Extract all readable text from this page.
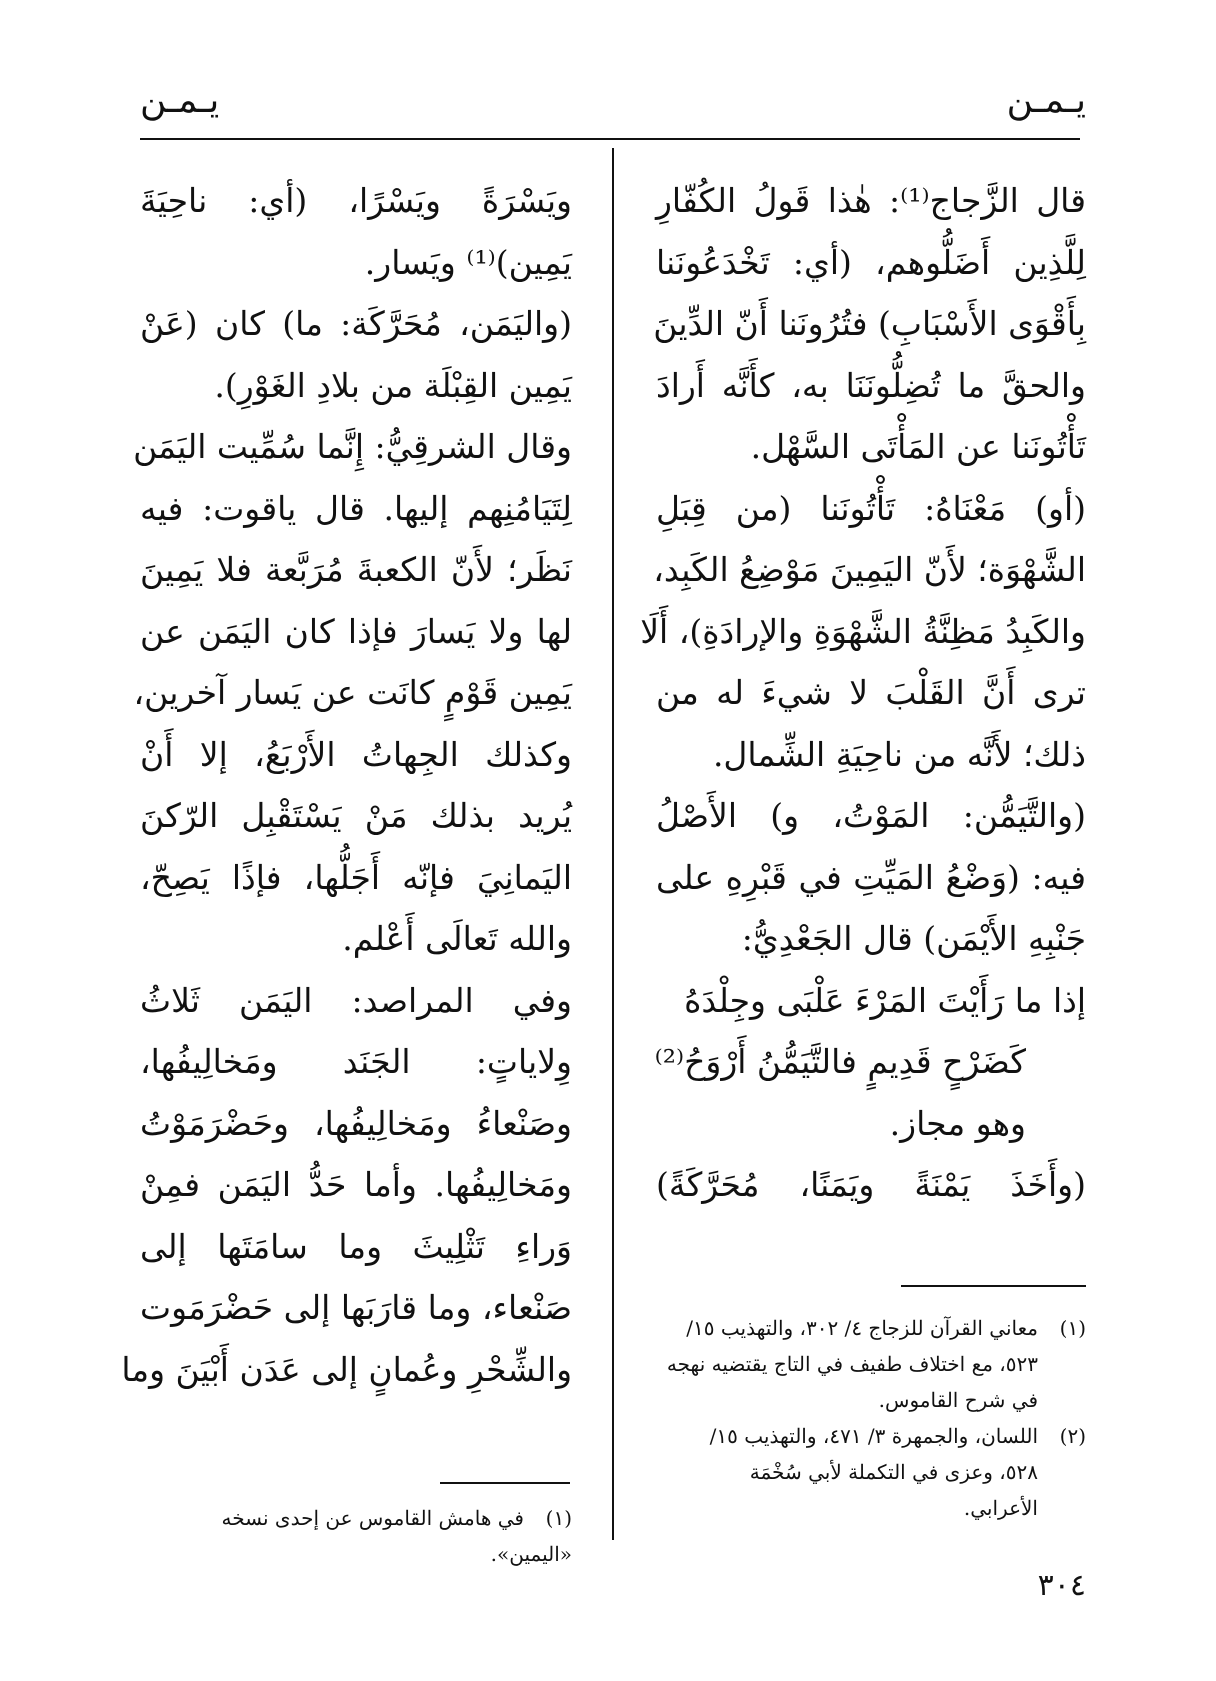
يـمـن
يـمـن
قال الزَّجاج⁽¹⁾: هٰذا قَولُ الكُفّارِ
لِلَّذِين أَضَلُّوهم، (أي: تَخْدَعُونَنا
بِأَقْوَى الأَسْبَابِ) فتُرُونَنا أَنّ الدِّينَ
والحقَّ ما تُضِلُّونَنَا به، كأَنَّه أَرادَ
تَأْتُونَنا عن المَأْتَى السَّهْل.
(أو) مَعْنَاهُ: تَأْتُونَنا (من قِبَلِ
الشَّهْوَة؛ لأَنّ اليَمِينَ مَوْضِعُ الكَبِد،
والكَبِدُ مَظِنَّةُ الشَّهْوَةِ والإرادَةِ)، أَلَا
ترى أَنَّ القَلْبَ لا شيءَ له من
ذلك؛ لأَنَّه من ناحِيَةِ الشِّمال.
(والتَّيَمُّن: المَوْتُ، و) الأَصْلُ
فيه: (وَضْعُ المَيِّتِ في قَبْرِهِ على
جَنْبِهِ الأَيْمَن) قال الجَعْدِيُّ:
إذا ما رَأَيْتَ المَرْءَ عَلْبَى وجِلْدَهُ
كَضَرْحٍ قَدِيمٍ فالتَّيَمُّنُ أَرْوَحُ⁽²⁾
وهو مجاز.
(وأَخَذَ يَمْنَةً ويَمَنًا، مُحَرَّكَةً)
(١)معاني القرآن للزجاج ٤/ ٣٠٢، والتهذيب ١٥/
٥٢٣، مع اختلاف طفيف في التاج يقتضيه نهجه
في شرح القاموس.
(٢)اللسان، والجمهرة ٣/ ٤٧١، والتهذيب ١٥/
٥٢٨، وعزى في التكملة لأبي سُخْمَة
الأعرابي.
ويَسْرَةً ويَسْرًا، (أي: ناحِيَةَ
يَمِين)⁽¹⁾ ويَسار.
(واليَمَن، مُحَرَّكَة: ما) كان (عَنْ
يَمِين القِبْلَة من بلادِ الغَوْرِ).
وقال الشرقِيُّ: إِنَّما سُمِّيت اليَمَن
لِتَيَامُنِهم إليها. قال ياقوت: فيه
نَظَر؛ لأَنّ الكعبةَ مُرَبَّعة فلا يَمِينَ
لها ولا يَسارَ فإذا كان اليَمَن عن
يَمِين قَوْمٍ كانَت عن يَسار آخرين،
وكذلك الجِهاتُ الأَرْبَعُ، إلا أَنْ
يُريد بذلك مَنْ يَسْتَقْبِل الرّكنَ
اليَمانِيَ فإنّه أَجَلُّها، فإذًا يَصِحّ،
والله تَعالَى أَعْلم.
وفي المراصد: اليَمَن ثَلاثُ
وِلاياتٍ: الجَنَد ومَخالِيفُها،
وصَنْعاءُ ومَخالِيفُها، وحَضْرَمَوْتُ
ومَخالِيفُها. وأما حَدُّ اليَمَن فمِنْ
وَراءِ تَثْلِيثَ وما سامَتَها إلى
صَنْعاء، وما قارَبَها إلى حَضْرَمَوت
والشِّحْرِ وعُمانٍ إلى عَدَن أَبْيَنَ وما
(١)في هامش القاموس عن إحدى نسخه «اليمين».
٣٠٤
